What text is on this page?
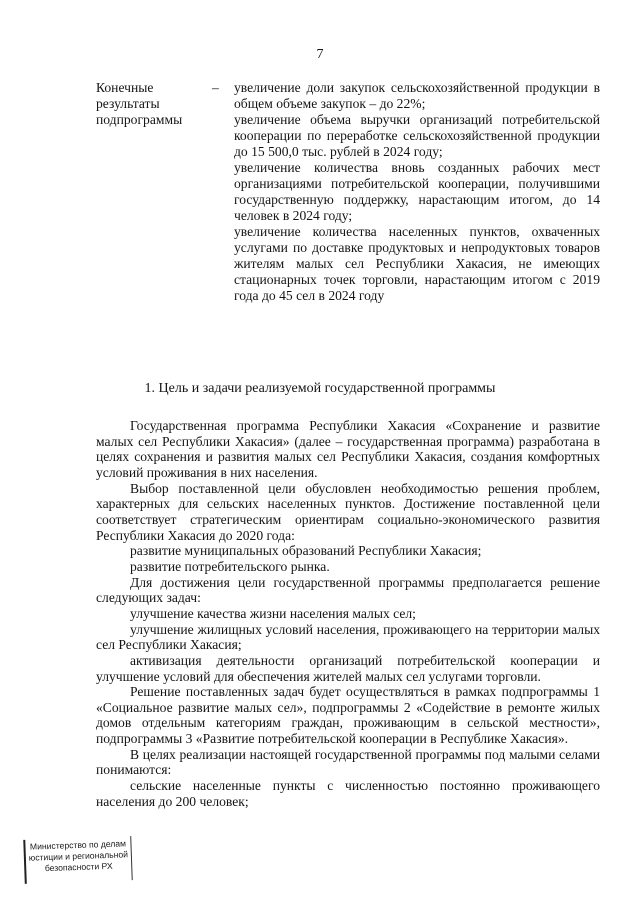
7
Конечные
результаты
подпрограммы
– увеличение доли закупок сельскохозяйственной продукции в общем объеме закупок – до 22%;

увеличение объема выручки организаций потребительской кооперации по переработке сельскохозяйственной продукции до 15 500,0 тыс. рублей в 2024 году;

увеличение количества вновь созданных рабочих мест организациями потребительской кооперации, получившими государственную поддержку, нарастающим итогом, до 14 человек в 2024 году;

увеличение количества населенных пунктов, охваченных услугами по доставке продуктовых и непродуктовых товаров жителям малых сел Республики Хакасия, не имеющих стационарных точек торговли, нарастающим итогом с 2019 года до 45 сел в 2024 году

1. Цель и задачи реализуемой государственной программы

Государственная программа Республики Хакасия «Сохранение и развитие малых сел Республики Хакасия» (далее – государственная программа) разработана в целях сохранения и развития малых сел Республики Хакасия, создания комфортных условий проживания в них населения.

Выбор поставленной цели обусловлен необходимостью решения проблем, характерных для сельских населенных пунктов. Достижение поставленной цели соответствует стратегическим ориентирам социально-экономического развития Республики Хакасия до 2020 года:

развитие муниципальных образований Республики Хакасия;

развитие потребительского рынка.

Для достижения цели государственной программы предполагается решение следующих задач:

улучшение качества жизни населения малых сел;

улучшение жилищных условий населения, проживающего на территории малых сел Республики Хакасия;

активизация деятельности организаций потребительской кооперации и улучшение условий для обеспечения жителей малых сел услугами торговли.

Решение поставленных задач будет осуществляться в рамках подпрограммы 1 «Социальное развитие малых сел», подпрограммы 2 «Содействие в ремонте жилых домов отдельным категориям граждан, проживающим в сельской местности», подпрограммы 3 «Развитие потребительской кооперации в Республике Хакасия».

В целях реализации настоящей государственной программы под малыми селами понимаются:

сельские населенные пункты с численностью постоянно проживающего населения до 200 человек;

Министерство по делам
юстиции и региональной
безопасности РХ
